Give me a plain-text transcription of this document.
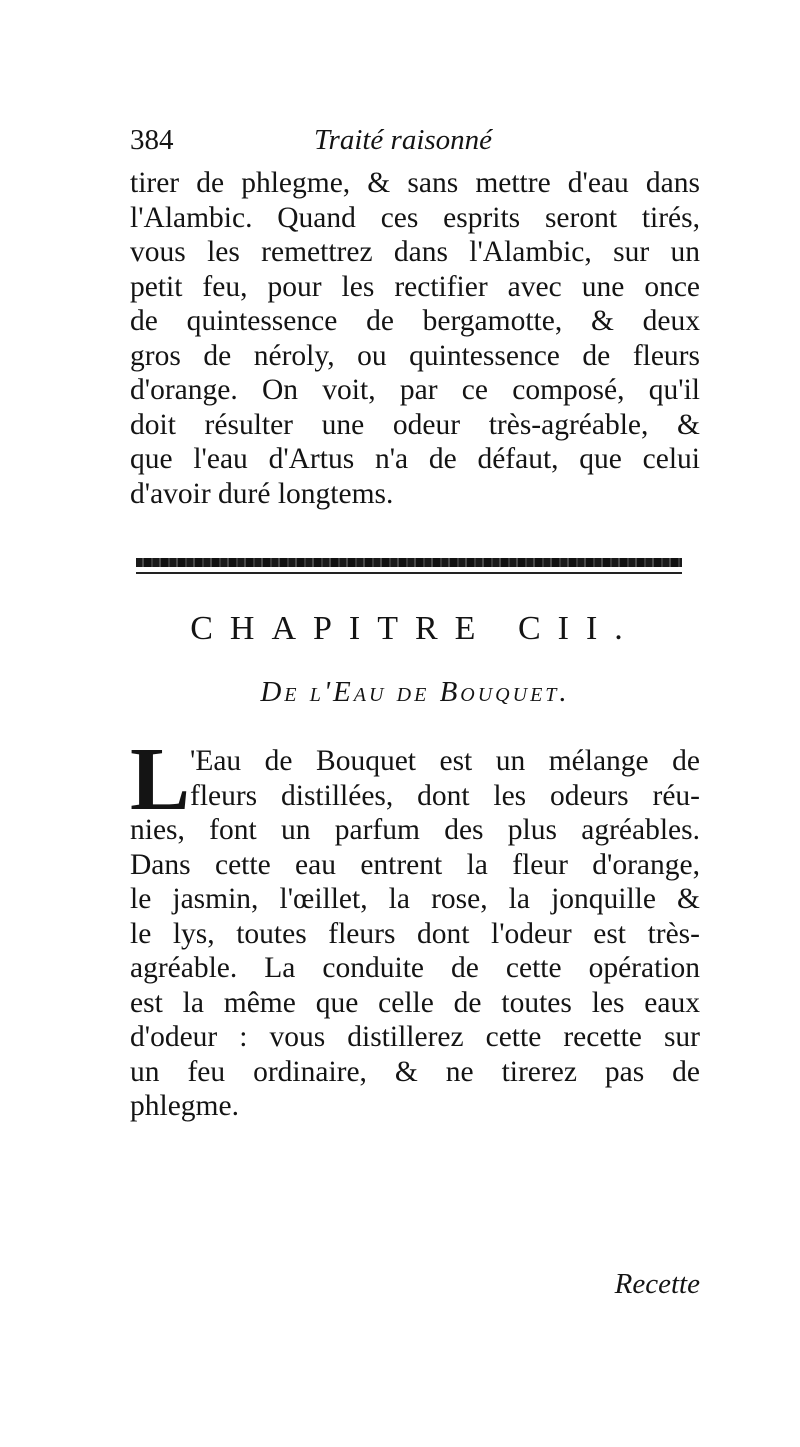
384	Traité raisonné
tirer de phlegme, & sans mettre d'eau dans
l'Alambic. Quand ces esprits seront tirés,
vous les remettrez dans l'Alambic, sur un
petit feu, pour les rectifier avec une once
de quintessence de bergamotte, & deux
gros de néroly, ou quintessence de fleurs
d'orange. On voit, par ce composé, qu'il
doit résulter une odeur très-agréable, &
que l'eau d'Artus n'a de défaut, que celui
d'avoir duré longtems.
CHAPITRE CII.
De l'Eau de Bouquet.
L 'Eau de Bouquet est un mélange de
fleurs distillées, dont les odeurs réu-
nies, font un parfum des plus agréables.
Dans cette eau entrent la fleur d'orange,
le jasmin, l'œillet, la rose, la jonquille &
le lys, toutes fleurs dont l'odeur est très-
agréable. La conduite de cette opération
est la même que celle de toutes les eaux
d'odeur : vous distillerez cette recette sur
un feu ordinaire, & ne tirerez pas de
phlegme.
Recette
